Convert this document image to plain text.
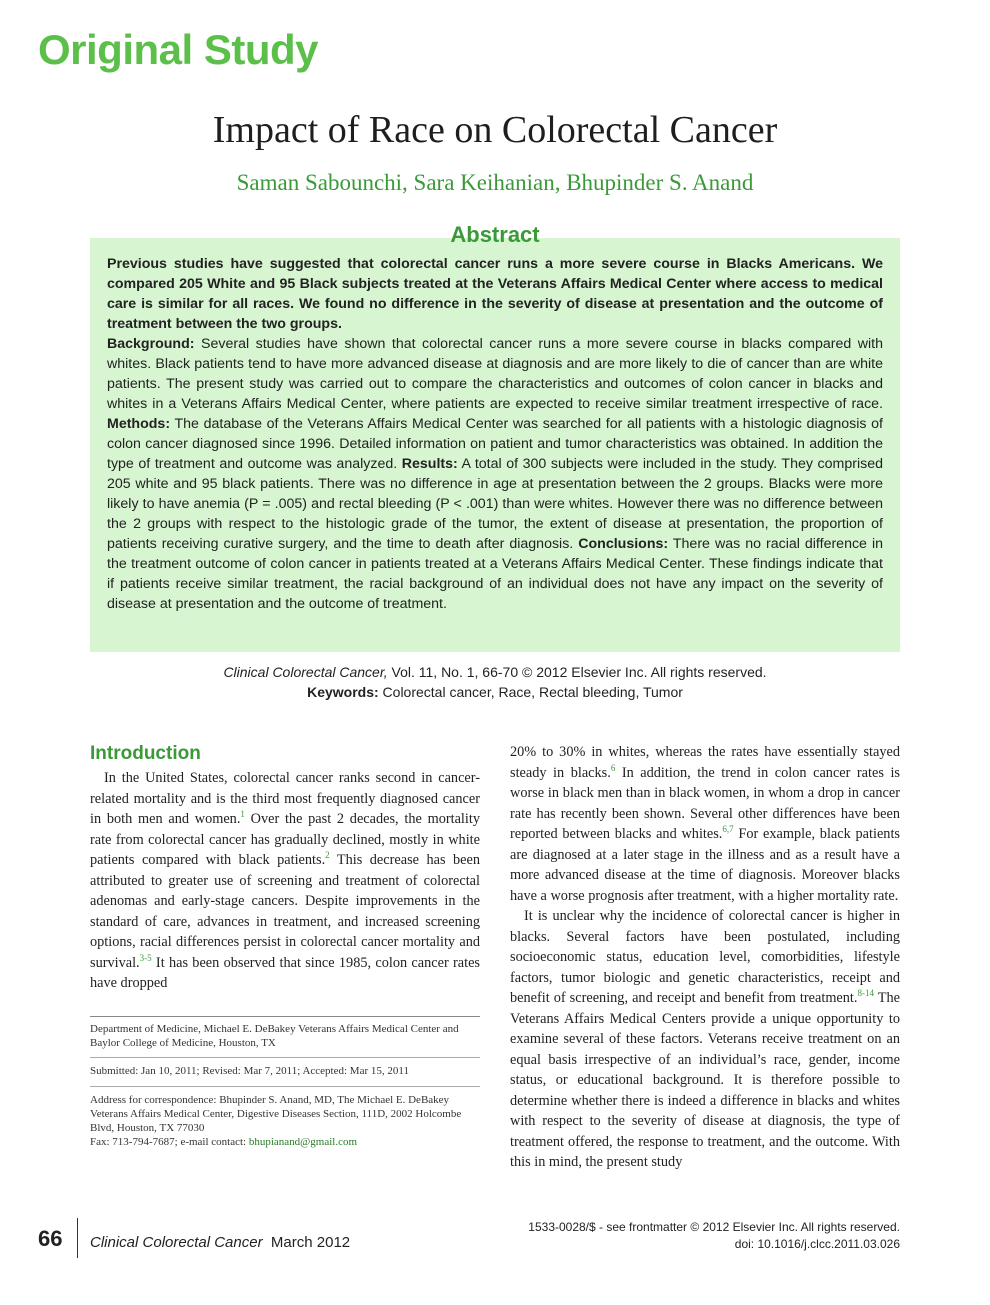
Original Study
Impact of Race on Colorectal Cancer
Saman Sabounchi, Sara Keihanian, Bhupinder S. Anand
Previous studies have suggested that colorectal cancer runs a more severe course in Blacks Americans. We compared 205 White and 95 Black subjects treated at the Veterans Affairs Medical Center where access to medical care is similar for all races. We found no difference in the severity of disease at presentation and the outcome of treatment between the two groups.
Background: Several studies have shown that colorectal cancer runs a more severe course in blacks compared with whites. Black patients tend to have more advanced disease at diagnosis and are more likely to die of cancer than are white patients. The present study was carried out to compare the characteristics and outcomes of colon cancer in blacks and whites in a Veterans Affairs Medical Center, where patients are expected to receive similar treatment irrespective of race. Methods: The database of the Veterans Affairs Medical Center was searched for all patients with a histologic diagnosis of colon cancer diagnosed since 1996. Detailed information on patient and tumor characteristics was obtained. In addition the type of treatment and outcome was analyzed. Results: A total of 300 subjects were included in the study. They comprised 205 white and 95 black patients. There was no difference in age at presentation between the 2 groups. Blacks were more likely to have anemia (P = .005) and rectal bleeding (P < .001) than were whites. However there was no difference between the 2 groups with respect to the histologic grade of the tumor, the extent of disease at presentation, the proportion of patients receiving curative surgery, and the time to death after diagnosis. Conclusions: There was no racial difference in the treatment outcome of colon cancer in patients treated at a Veterans Affairs Medical Center. These findings indicate that if patients receive similar treatment, the racial background of an individual does not have any impact on the severity of disease at presentation and the outcome of treatment.
Abstract
Clinical Colorectal Cancer, Vol. 11, No. 1, 66-70 © 2012 Elsevier Inc. All rights reserved.
Keywords: Colorectal cancer, Race, Rectal bleeding, Tumor
Introduction

In the United States, colorectal cancer ranks second in cancer-related mortality and is the third most frequently diagnosed cancer in both men and women.$^1$ Over the past 2 decades, the mortality rate from colorectal cancer has gradually declined, mostly in white patients compared with black patients.$^2$ This decrease has been attributed to greater use of screening and treatment of colorectal adenomas and early-stage cancers. Despite improvements in the standard of care, advances in treatment, and increased screening options, racial differences persist in colorectal cancer mortality and survival.$^{3-5}$ It has been observed that since 1985, colon cancer rates have dropped

Department of Medicine, Michael E. DeBakey Veterans Affairs Medical Center and Baylor College of Medicine, Houston, TX

Submitted: Jan 10, 2011; Revised: Mar 7, 2011; Accepted: Mar 15, 2011

Address for correspondence: Bhupinder S. Anand, MD, The Michael E. DeBakey Veterans Affairs Medical Center, Digestive Diseases Section, 111D, 2002 Holcombe Blvd, Houston, TX 77030

Fax: 713-794-7687; e-mail contact: bhupianand@gmail.com

20% to 30% in whites, whereas the rates have essentially stayed steady in blacks.$^6$ In addition, the trend in colon cancer rates is worse in black men than in black women, in whom a drop in cancer rate has recently been shown. Several other differences have been reported between blacks and whites.$^{6,7}$ For example, black patients are diagnosed at a later stage in the illness and as a result have a more advanced disease at the time of diagnosis. Moreover blacks have a worse prognosis after treatment, with a higher mortality rate.

It is unclear why the incidence of colorectal cancer is higher in blacks. Several factors have been postulated, including socioeconomic status, education level, comorbidities, lifestyle factors, tumor biologic and genetic characteristics, receipt and benefit of screening, and receipt and benefit from treatment.$^{8-14}$ The Veterans Affairs Medical Centers provide a unique opportunity to examine several of these factors. Veterans receive treatment on an equal basis irrespective of an individual’s race, gender, income status, or educational background. It is therefore possible to determine whether there is indeed a difference in blacks and whites with respect to the severity of disease at diagnosis, the type of treatment offered, the response to treatment, and the outcome. With this in mind, the present study

66 Clinical Colorectal Cancer March 2012
1533-0028/$ - see frontmatter © 2012 Elsevier Inc. All rights reserved.
doi: 10.1016/j.clcc.2011.03.026
